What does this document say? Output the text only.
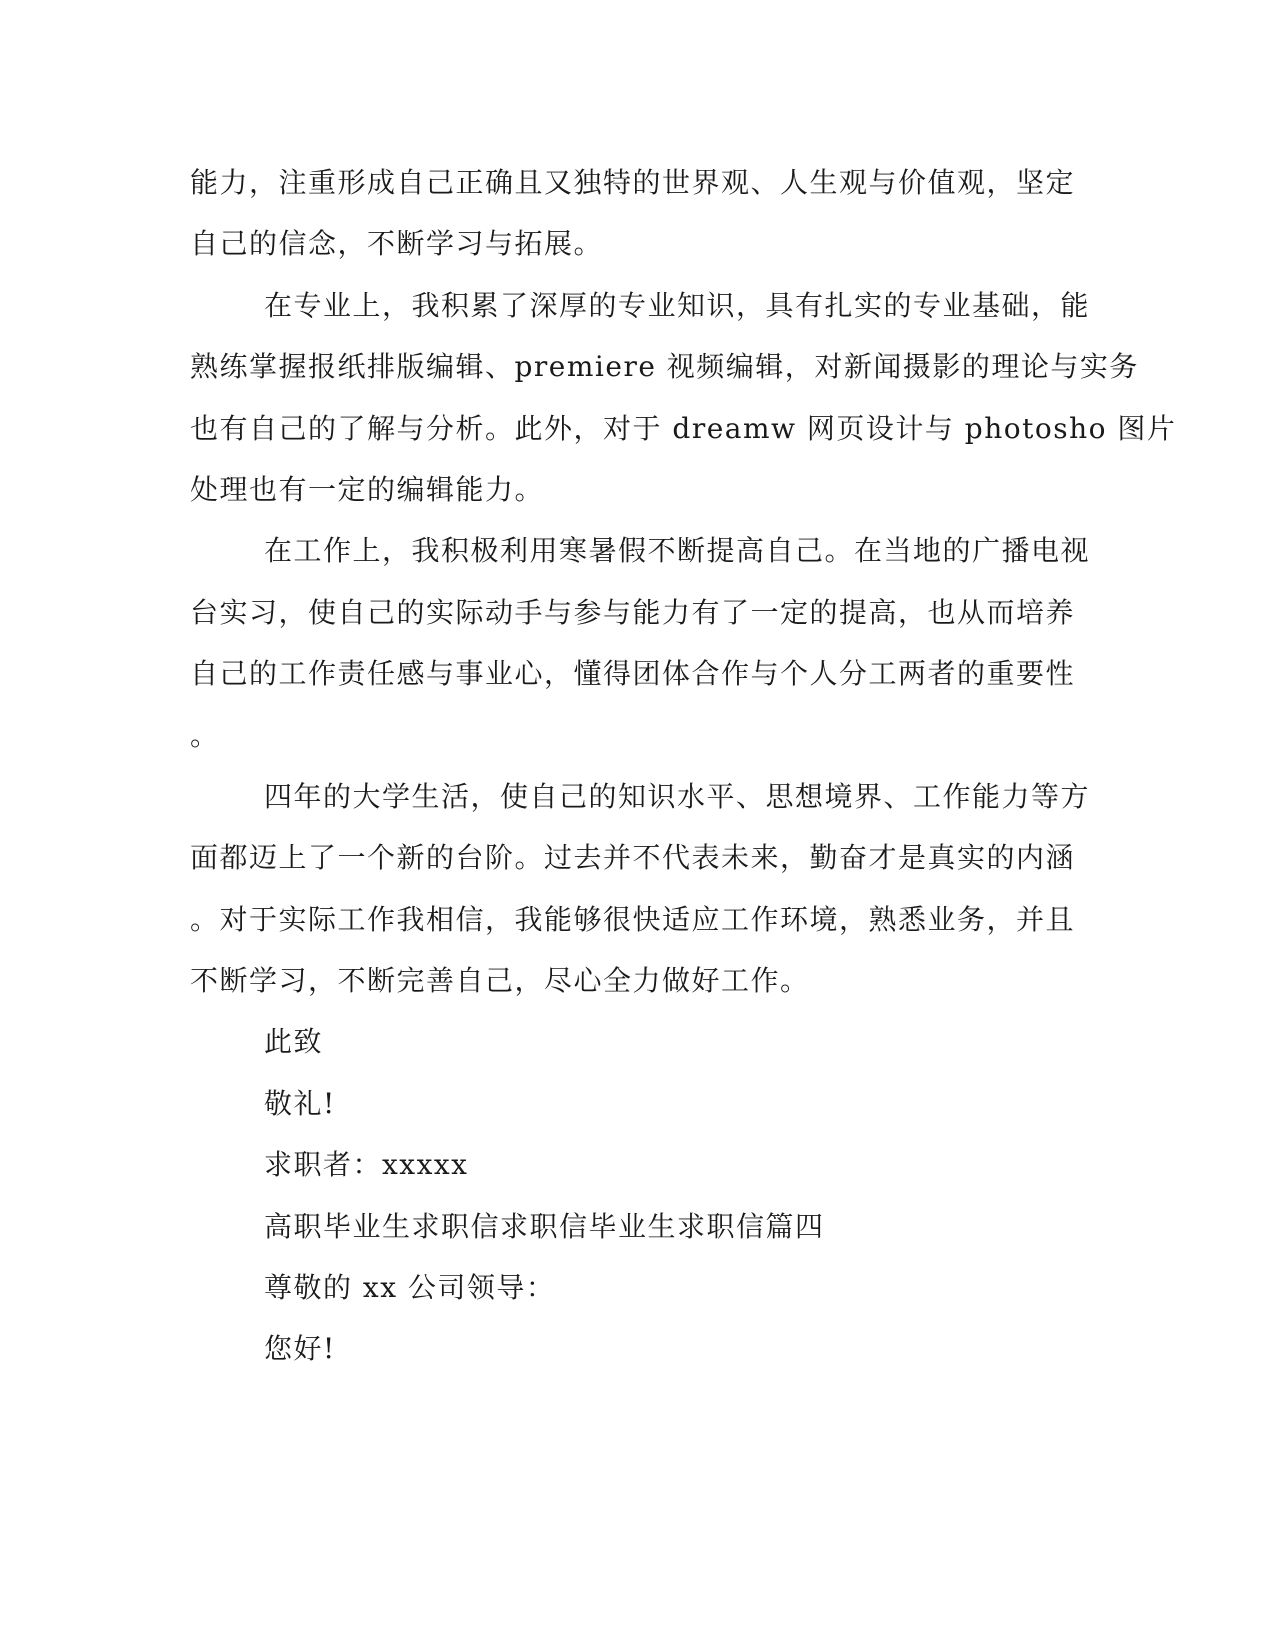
能力，注重形成自己正确且又独特的世界观、人生观与价值观，坚定
自己的信念，不断学习与拓展。
在专业上，我积累了深厚的专业知识，具有扎实的专业基础，能
熟练掌握报纸排版编辑、premiere 视频编辑，对新闻摄影的理论与实务
也有自己的了解与分析。此外，对于 dreamw 网页设计与 photosho 图片
处理也有一定的编辑能力。
在工作上，我积极利用寒暑假不断提高自己。在当地的广播电视
台实习，使自己的实际动手与参与能力有了一定的提高，也从而培养
自己的工作责任感与事业心，懂得团体合作与个人分工两者的重要性
。
四年的大学生活，使自己的知识水平、思想境界、工作能力等方
面都迈上了一个新的台阶。过去并不代表未来，勤奋才是真实的内涵
。对于实际工作我相信，我能够很快适应工作环境，熟悉业务，并且
不断学习，不断完善自己，尽心全力做好工作。
此致
敬礼!
求职者：xxxxx
高职毕业生求职信求职信毕业生求职信篇四
尊敬的 xx 公司领导：
您好!
